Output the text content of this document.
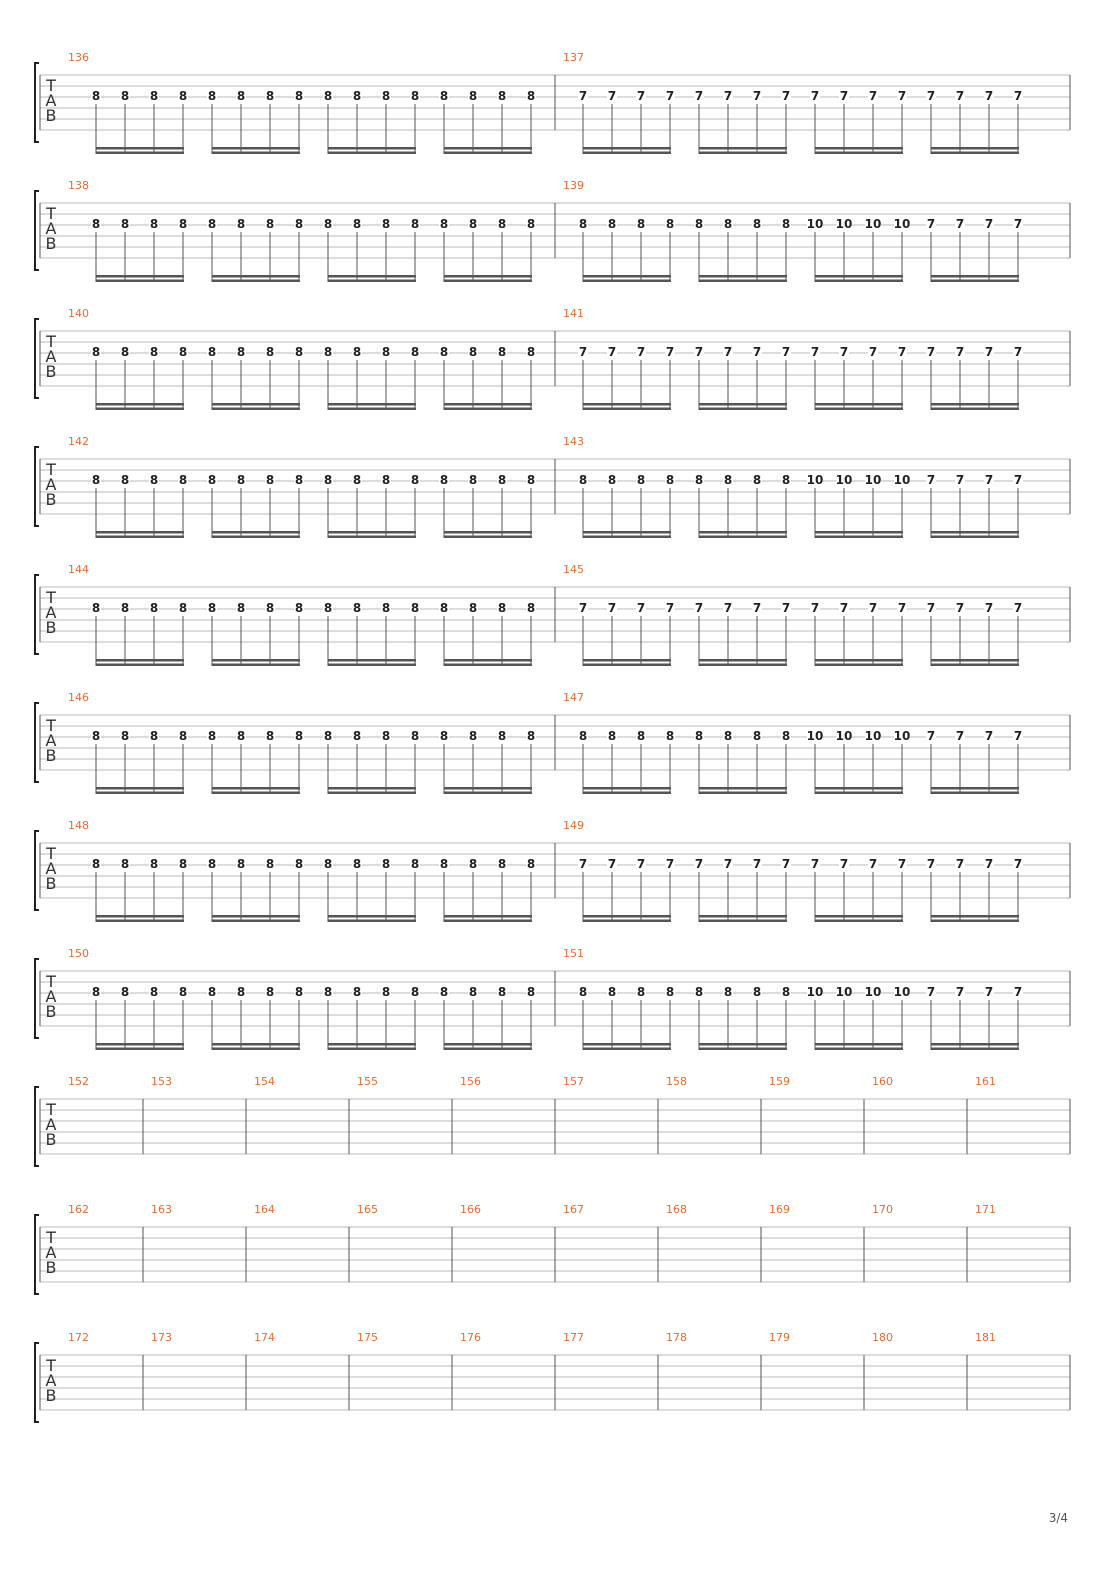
T
A
B
136
8 8 8 8 8 8 8 8 8 8 8 8 8 8 8 8
137
7 7 7 7 7 7 7 7 7 7 7 7 7 7 7 7
T
A
B
138
8 8 8 8 8 8 8 8 8 8 8 8 8 8 8 8
139
8 8 8 8 8 8 8 8 10 10 10 10 7 7 7 7
T
A
B
140
8 8 8 8 8 8 8 8 8 8 8 8 8 8 8 8
141
7 7 7 7 7 7 7 7 7 7 7 7 7 7 7 7
T
A
B
142
8 8 8 8 8 8 8 8 8 8 8 8 8 8 8 8
143
8 8 8 8 8 8 8 8 10 10 10 10 7 7 7 7
T
A
B
144
8 8 8 8 8 8 8 8 8 8 8 8 8 8 8 8
145
7 7 7 7 7 7 7 7 7 7 7 7 7 7 7 7
T
A
B
146
8 8 8 8 8 8 8 8 8 8 8 8 8 8 8 8
147
8 8 8 8 8 8 8 8 10 10 10 10 7 7 7 7
T
A
B
148
8 8 8 8 8 8 8 8 8 8 8 8 8 8 8 8
149
7 7 7 7 7 7 7 7 7 7 7 7 7 7 7 7
T
A
B
150
8 8 8 8 8 8 8 8 8 8 8 8 8 8 8 8
151
8 8 8 8 8 8 8 8 10 10 10 10 7 7 7 7
T
A
B
152	153	154	155	156	157	158	159	160	161
T
A
B
162	163	164	165	166	167	168	169	170	171
T
A
B
172	173	174	175	176	177	178	179	180	181
3/4
